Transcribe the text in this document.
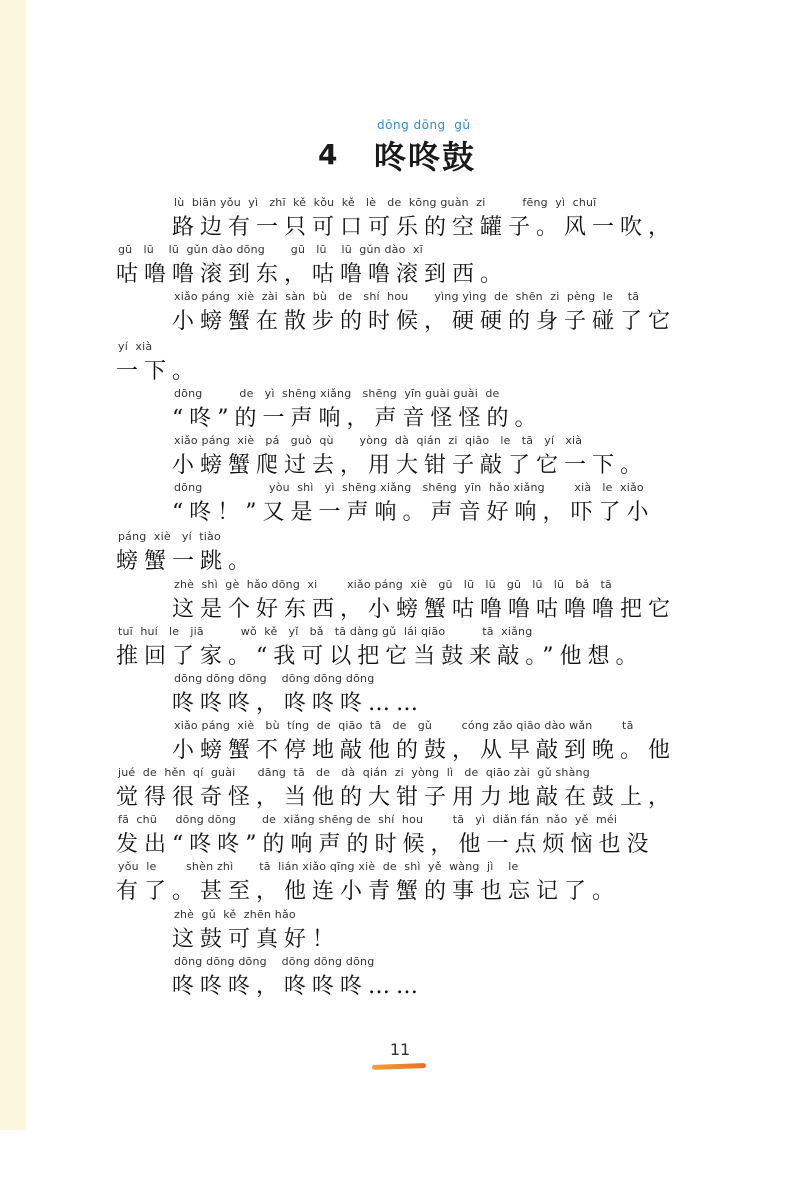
dōng dōng  gǔ
4 咚咚鼓
lù  biān yǒu  yì   zhī  kě  kǒu  kě   lè   de  kōng guàn  zi          fēng  yì  chuī
路边有一只可口可乐的空罐子。风一吹，
gū   lū    lū  gǔn dào dōng       gū   lū    lū  gǔn dào  xī
咕噜噜滚到东，咕噜噜滚到西。
xiǎo páng  xiè  zài  sàn  bù   de   shí  hou       yìng yìng  de  shēn  zi  pèng  le    tā
小螃蟹在散步的时候，硬硬的身子碰了它
yí  xià
一下。
dōng          de   yì  shēng xiǎng   shēng  yīn guài guài  de
“咚”的一声响，声音怪怪的。
xiǎo páng  xiè   pá   guò  qù       yòng  dà  qián  zi  qiāo   le   tā   yí   xià
小螃蟹爬过去，用大钳子敲了它一下。
dōng                  yòu  shì   yì  shēng xiǎng   shēng  yīn  hǎo xiǎng        xià   le  xiǎo
“咚！”又是一声响。声音好响，吓了小
páng  xiè   yí  tiào
螃蟹一跳。
zhè  shì  gè  hǎo dōng  xi        xiǎo páng  xiè   gū   lū   lū   gū   lū   lū   bǎ   tā
这是个好东西，小螃蟹咕噜噜咕噜噜把它
tuī  huí   le   jiā          wǒ  kě   yǐ   bǎ   tā dàng gǔ  lái qiāo          tā  xiǎng
推回了家。“我可以把它当鼓来敲。”他想。
dōng dōng dōng    dōng dōng dōng
咚咚咚，咚咚咚……
xiǎo páng  xiè   bù  tíng  de  qiāo  tā   de   gǔ        cóng zǎo qiāo dào wǎn        tā
小螃蟹不停地敲他的鼓，从早敲到晚。他
jué  de  hěn  qí  guài      dāng  tā   de   dà  qián  zi  yòng  lì   de  qiāo zài  gǔ shàng
觉得很奇怪，当他的大钳子用力地敲在鼓上，
fā  chū     dōng dōng       de  xiǎng shēng de  shí  hou        tā   yì  diǎn fán  nǎo  yě  méi
发出“咚咚”的响声的时候，他一点烦恼也没
yǒu  le        shèn zhì       tā  lián xiǎo qīng xiè  de  shì  yě  wàng  jì    le
有了。甚至，他连小青蟹的事也忘记了。
zhè  gǔ  kě  zhēn hǎo
这鼓可真好！
dōng dōng dōng    dōng dōng dōng
咚咚咚，咚咚咚……
11
